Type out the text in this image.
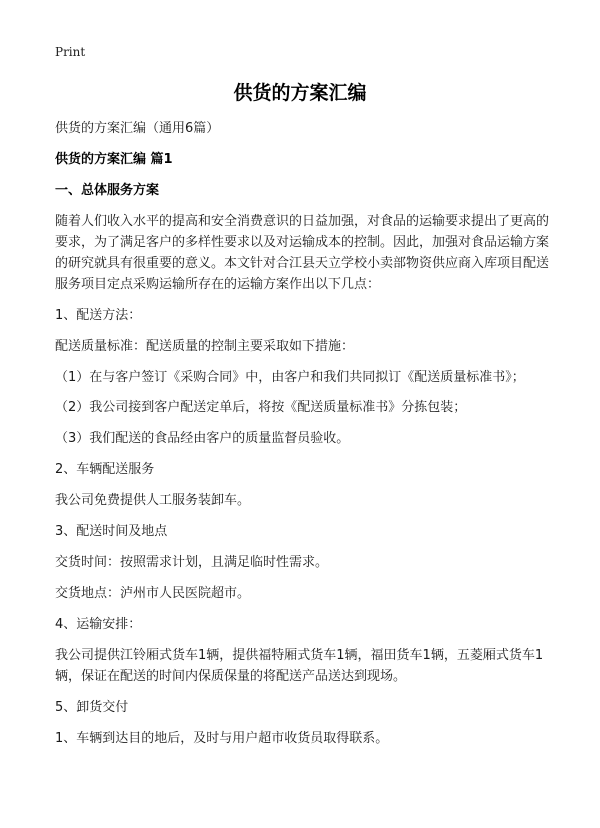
Print
供货的方案汇编

供货的方案汇编（通用6篇）

供货的方案汇编 篇1

一、总体服务方案

随着人们收入水平的提高和安全消费意识的日益加强，对食品的运输要求提出了更高的要求，为了满足客户的多样性要求以及对运输成本的控制。因此，加强对食品运输方案的研究就具有很重要的意义。本文针对合江县天立学校小卖部物资供应商入库项目配送服务项目定点采购运输所存在的运输方案作出以下几点：

1、配送方法：

配送质量标准：配送质量的控制主要采取如下措施：

（1）在与客户签订《采购合同》中，由客户和我们共同拟订《配送质量标准书》；

（2）我公司接到客户配送定单后，将按《配送质量标准书》分拣包装；

（3）我们配送的食品经由客户的质量监督员验收。

2、车辆配送服务

我公司免费提供人工服务装卸车。

3、配送时间及地点

交货时间：按照需求计划，且满足临时性需求。

交货地点：泸州市人民医院超市。

4、运输安排：

我公司提供江铃厢式货车1辆，提供福特厢式货车1辆，福田货车1辆，五菱厢式货车1辆，保证在配送的时间内保质保量的将配送产品送达到现场。

5、卸货交付

1、车辆到达目的地后，及时与用户超市收货员取得联系。
